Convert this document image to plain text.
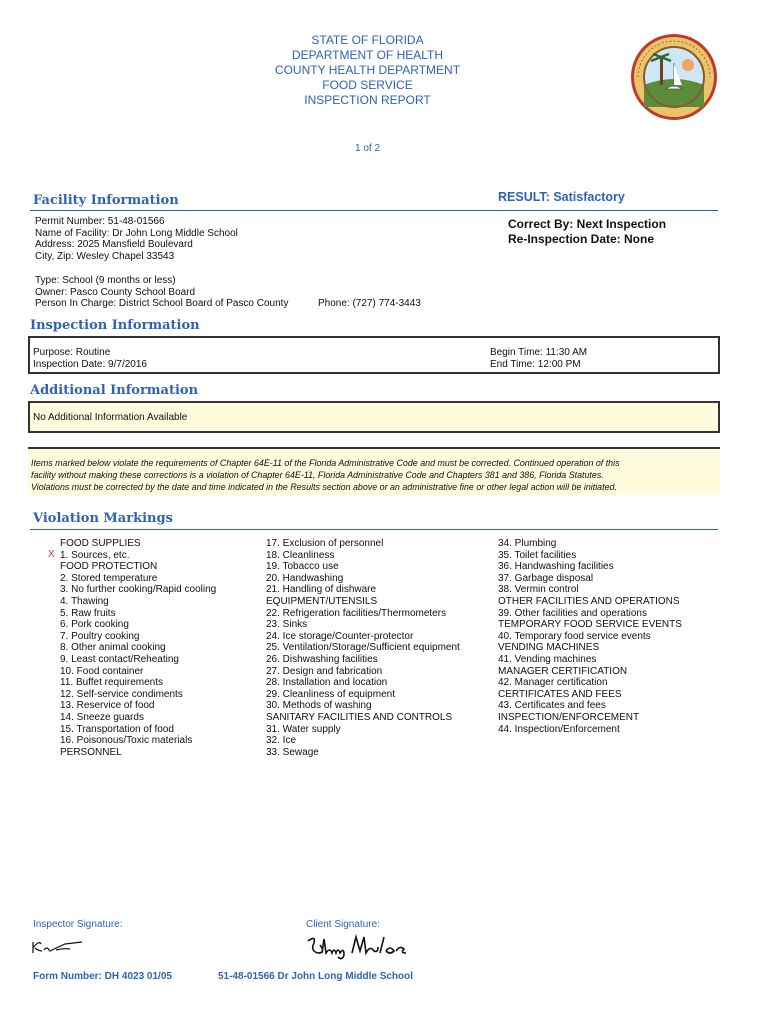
STATE OF FLORIDA
DEPARTMENT OF HEALTH
COUNTY HEALTH DEPARTMENT
FOOD SERVICE
INSPECTION REPORT
1 of 2
Facility Information	RESULT: Satisfactory
Permit Number: 51-48-01566
Name of Facility: Dr John Long Middle School
Address: 2025 Mansfield Boulevard
City, Zip: Wesley Chapel 33543
Type: School (9 months or less)
Owner: Pasco County School Board
Person In Charge: District School Board of Pasco County	Phone: (727) 774-3443
Correct By: Next Inspection
Re-Inspection Date: None
Inspection Information
Purpose: Routine
Inspection Date: 9/7/2016
Begin Time: 11:30 AM
End Time: 12:00 PM
Additional Information
No Additional Information Available
Items marked below violate the requirements of Chapter 64E-11 of the Florida Administrative Code and must be corrected. Continued operation of this
facility without making these corrections is a violation of Chapter 64E-11, Florida Administrative Code and Chapters 381 and 386, Florida Statutes.
Violations must be corrected by the date and time indicated in the Results section above or an administrative fine or other legal action will be initiated.
Violation Markings
X
FOOD SUPPLIES
1. Sources, etc.
FOOD PROTECTION
2. Stored temperature
3. No further cooking/Rapid cooling
4. Thawing
5. Raw fruits
6. Pork cooking
7. Poultry cooking
8. Other animal cooking
9. Least contact/Reheating
10. Food container
11. Buffet requirements
12. Self-service condiments
13. Reservice of food
14. Sneeze guards
15. Transportation of food
16. Poisonous/Toxic materials
PERSONNEL
17. Exclusion of personnel
18. Cleanliness
19. Tobacco use
20. Handwashing
21. Handling of dishware
EQUIPMENT/UTENSILS
22. Refrigeration facilities/Thermometers
23. Sinks
24. Ice storage/Counter-protector
25. Ventilation/Storage/Sufficient equipment
26. Dishwashing facilities
27. Design and fabrication
28. Installation and location
29. Cleanliness of equipment
30. Methods of washing
SANITARY FACILITIES AND CONTROLS
31. Water supply
32. Ice
33. Sewage
34. Plumbing
35. Toilet facilities
36. Handwashing facilities
37. Garbage disposal
38. Vermin control
OTHER FACILITIES AND OPERATIONS
39. Other facilities and operations
TEMPORARY FOOD SERVICE EVENTS
40. Temporary food service events
VENDING MACHINES
41. Vending machines
MANAGER CERTIFICATION
42. Manager certification
CERTIFICATES AND FEES
43. Certificates and fees
INSPECTION/ENFORCEMENT
44. Inspection/Enforcement
Inspector Signature:	Client Signature:
Form Number: DH 4023 01/05	51-48-01566 Dr John Long Middle School
